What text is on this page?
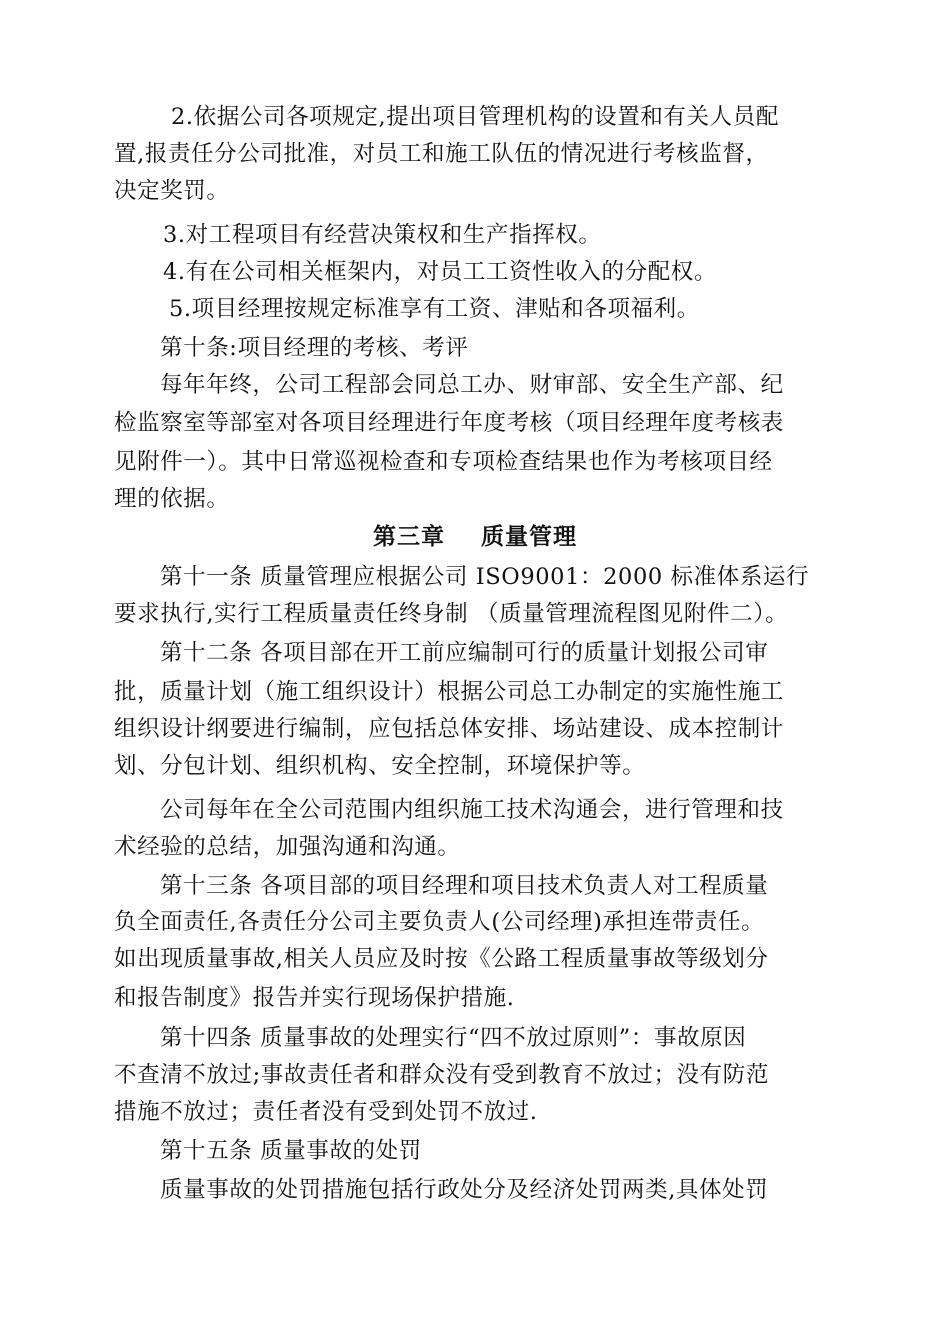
2.依据公司各项规定,提出项目管理机构的设置和有关人员配
置,报责任分公司批准，对员工和施工队伍的情况进行考核监督，
决定奖罚。
3.对工程项目有经营决策权和生产指挥权。
4.有在公司相关框架内，对员工工资性收入的分配权。
5.项目经理按规定标准享有工资、津贴和各项福利。
第十条:项目经理的考核、考评
每年年终，公司工程部会同总工办、财审部、安全生产部、纪
检监察室等部室对各项目经理进行年度考核（项目经理年度考核表
见附件一）。其中日常巡视检查和专项检查结果也作为考核项目经
理的依据。
第三章    质量管理
第十一条 质量管理应根据公司 ISO9001：2000 标准体系运行
要求执行,实行工程质量责任终身制 （质量管理流程图见附件二）。
第十二条 各项目部在开工前应编制可行的质量计划报公司审
批，质量计划（施工组织设计）根据公司总工办制定的实施性施工
组织设计纲要进行编制，应包括总体安排、场站建设、成本控制计
划、分包计划、组织机构、安全控制，环境保护等。
公司每年在全公司范围内组织施工技术沟通会，进行管理和技
术经验的总结，加强沟通和沟通。
第十三条 各项目部的项目经理和项目技术负责人对工程质量
负全面责任,各责任分公司主要负责人(公司经理)承担连带责任。
如出现质量事故,相关人员应及时按《公路工程质量事故等级划分
和报告制度》报告并实行现场保护措施.
第十四条 质量事故的处理实行“四不放过原则”：事故原因
不查清不放过;事故责任者和群众没有受到教育不放过；没有防范
措施不放过；责任者没有受到处罚不放过.
第十五条 质量事故的处罚
质量事故的处罚措施包括行政处分及经济处罚两类,具体处罚
